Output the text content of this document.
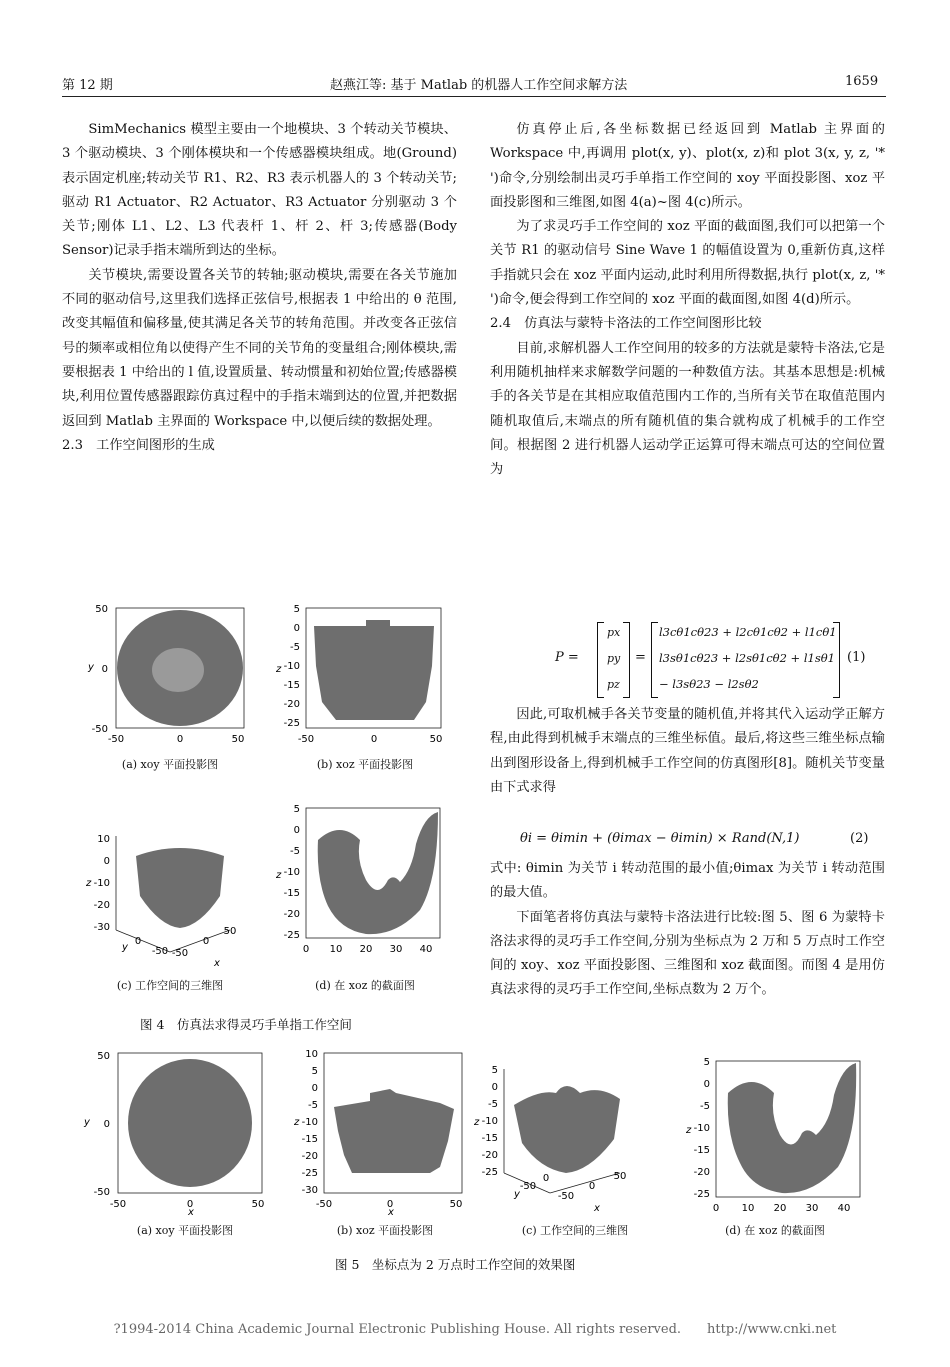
第 12 期	赵燕江等: 基于 Matlab 的机器人工作空间求解方法	1659

SimMechanics 模型主要由一个地模块、3 个转动关节模块、3 个驱动模块、3 个刚体模块和一个传感器模块组成。地(Ground)表示固定机座;转动关节 R1、R2、R3 表示机器人的 3 个转动关节;驱动 R1 Actuator、R2 Actuator、R3 Actuator 分别驱动 3 个关节;刚体 L1、L2、L3 代表杆 1、杆 2、杆 3;传感器(Body Sensor)记录手指末端所到达的坐标。

关节模块,需要设置各关节的转轴;驱动模块,需要在各关节施加不同的驱动信号,这里我们选择正弦信号,根据表 1 中给出的 θ 范围,改变其幅值和偏移量,使其满足各关节的转角范围。并改变各正弦信号的频率或相位角以使得产生不同的关节角的变量组合;刚体模块,需要根据表 1 中给出的 l 值,设置质量、转动惯量和初始位置;传感器模块,利用位置传感器跟踪仿真过程中的手指末端到达的位置,并把数据返回到 Matlab 主界面的 Workspace 中,以便后续的数据处理。

2.3　工作空间图形的生成

仿真停止后,各坐标数据已经返回到 Matlab 主界面的 Workspace 中,再调用 plot(x, y)、plot(x, z)和 plot 3(x, y, z, '* ')命令,分别绘制出灵巧手单指工作空间的 xoy 平面投影图、xoz 平面投影图和三维图,如图 4(a)~图 4(c)所示。

为了求灵巧手工作空间的 xoz 平面的截面图,我们可以把第一个关节 R1 的驱动信号 Sine Wave 1 的幅值设置为 0,重新仿真,这样手指就只会在 xoz 平面内运动,此时利用所得数据,执行 plot(x, z, '* ')命令,便会得到工作空间的 xoz 平面的截面图,如图 4(d)所示。

2.4　仿真法与蒙特卡洛法的工作空间图形比较

目前,求解机器人工作空间用的较多的方法就是蒙特卡洛法,它是利用随机抽样来求解数学问题的一种数值方法。其基本思想是:机械手的各关节是在其相应取值范围内工作的,当所有关节在取值范围内随机取值后,末端点的所有随机值的集合就构成了机械手的工作空间。根据图 2 进行机器人运动学正运算可得末端点可达的空间位置为

P =
px
py
pz
=
l3cθ1cθ23 + l2cθ1cθ2 + l1cθ1
l3sθ1cθ23 + l2sθ1cθ2 + l1sθ1
− l3sθ23 − l2sθ2
(1)

因此,可取机械手各关节变量的随机值,并将其代入运动学正解方程,由此得到机械手末端点的三维坐标值。最后,将这些三维坐标点输出到图形设备上,得到机械手工作空间的仿真图形[8]。随机关节变量由下式求得

θi = θimin + (θimax − θimin) × Rand(N,1)	(2)

式中: θimin 为关节 i 转动范围的最小值;θimax 为关节 i 转动范围的最大值。

下面笔者将仿真法与蒙特卡洛法进行比较:图 5、图 6 为蒙特卡洛法求得的灵巧手工作空间,分别为坐标点为 2 万和 5 万点时工作空间的 xoy、xoz 平面投影图、三维图和 xoz 截面图。而图 4 是用仿真法求得的灵巧手工作空间,坐标点数为 2 万个。

50
0
-50
-50	0	50
y
(a) xoy 平面投影图
5
0
-5
-10
-15
-20
-25
-50	0	50
z
(b) xoz 平面投影图
10
0
-10
-20
-30
-50
0
-50
0
50
z
y
x
(c) 工作空间的三维图
5
0
-5
-10
-15
-20
-25
0 10 20 30 40
z
(d) 在 xoz 的截面图
图 4　仿真法求得灵巧手单指工作空间
50
0
-50
-50	0	50
y
x
(a) xoy 平面投影图
10
5
0
-5
-10
-15
-20
-25
-30
-50	0	50
z
x
(b) xoz 平面投影图
5
0
-5
-10
-15
-20
-25
-50
0
-50
0
50
z
y
x
(c) 工作空间的三维图
5
0
-5
-10
-15
-20
-25
0 10 20 30 40
z
(d) 在 xoz 的截面图
图 5　坐标点为 2 万点时工作空间的效果图
?1994-2014 China Academic Journal Electronic Publishing House. All rights reserved.　　http://www.cnki.net
